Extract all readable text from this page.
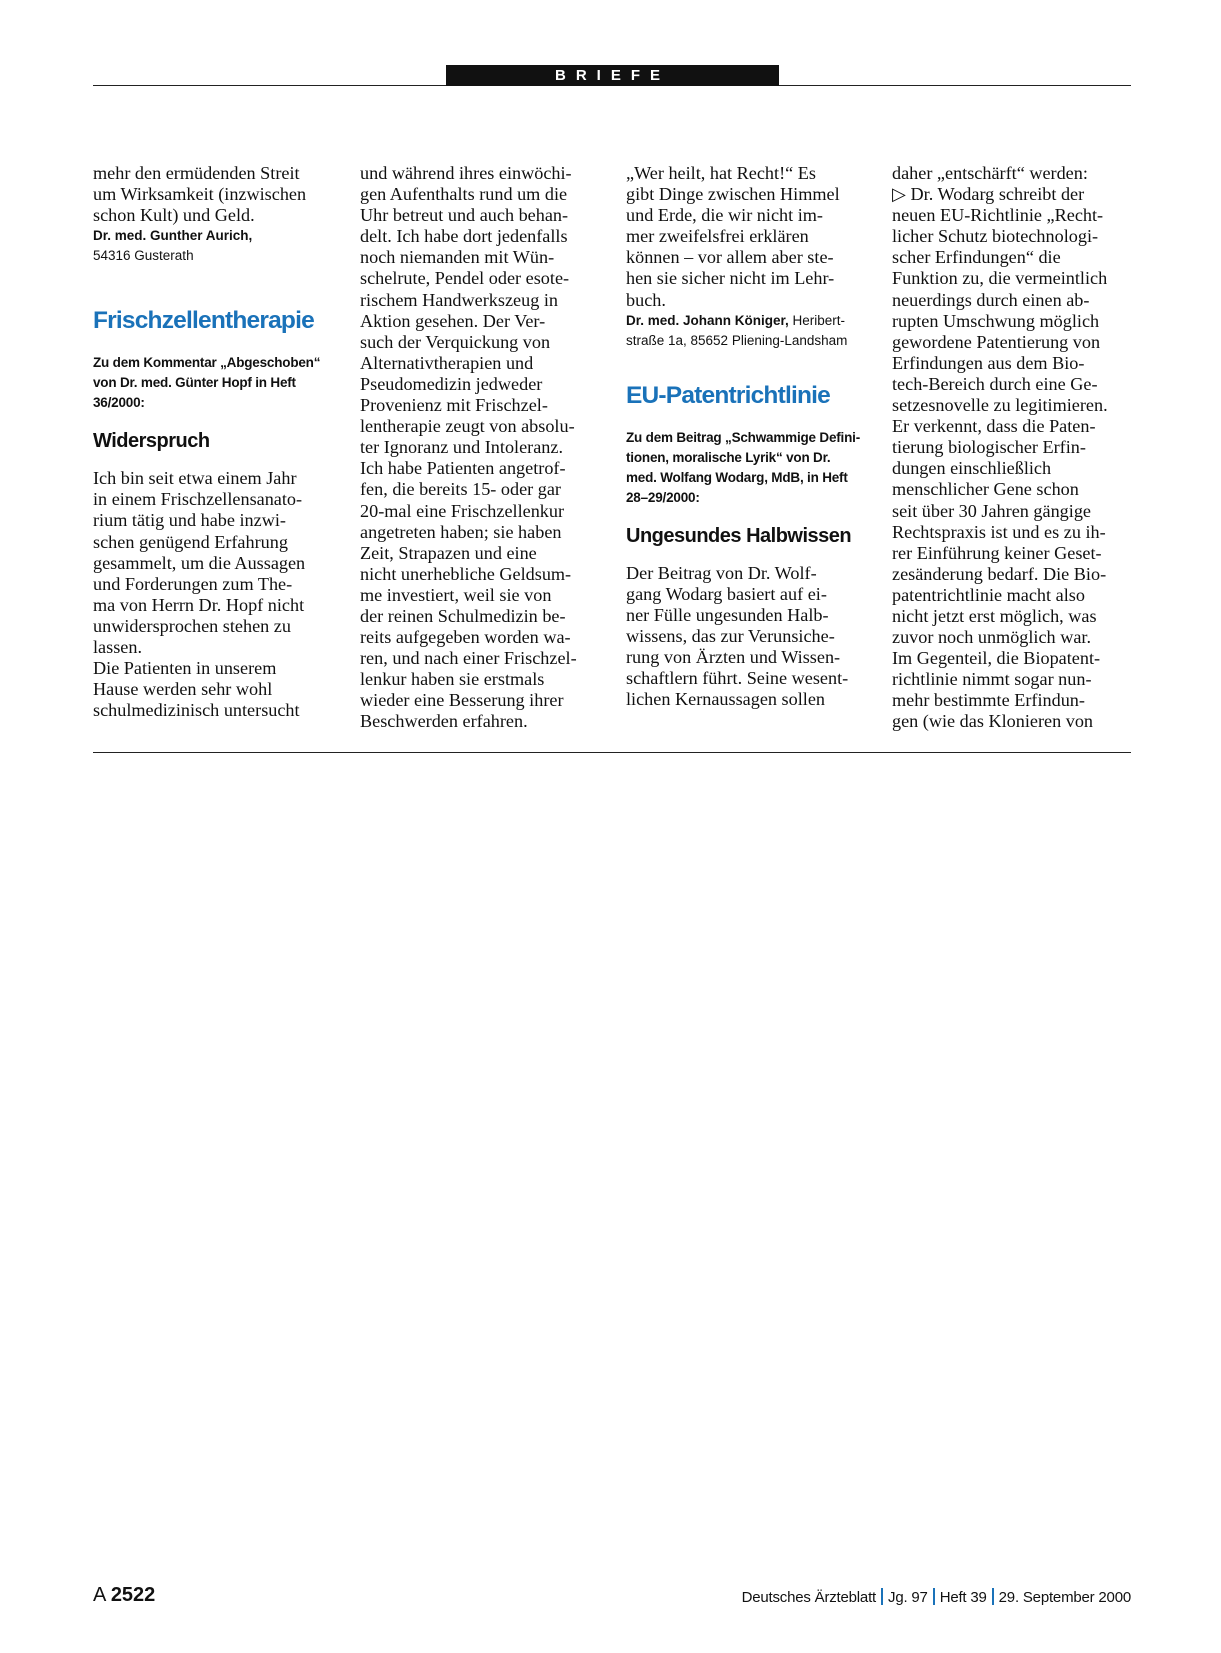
BRIEFE
mehr den ermüdenden Streit
um Wirksamkeit (inzwischen
schon Kult) und Geld.
Dr. med. Gunther Aurich,
54316 Gusterath
Frischzellentherapie
Zu dem Kommentar „Abgeschoben“
von Dr. med. Günter Hopf in Heft
36/2000:
Widerspruch
Ich bin seit etwa einem Jahr
in einem Frischzellensanato-
rium tätig und habe inzwi-
schen genügend Erfahrung
gesammelt, um die Aussagen
und Forderungen zum The-
ma von Herrn Dr. Hopf nicht
unwidersprochen stehen zu
lassen.
Die Patienten in unserem
Hause werden sehr wohl
schulmedizinisch untersucht
und während ihres einwöchi-
gen Aufenthalts rund um die
Uhr betreut und auch behan-
delt. Ich habe dort jedenfalls
noch niemanden mit Wün-
schelrute, Pendel oder esote-
rischem Handwerkszeug in
Aktion gesehen. Der Ver-
such der Verquickung von
Alternativtherapien und
Pseudomedizin jedweder
Provenienz mit Frischzel-
lentherapie zeugt von absolu-
ter Ignoranz und Intoleranz.
Ich habe Patienten angetrof-
fen, die bereits 15- oder gar
20-mal eine Frischzellenkur
angetreten haben; sie haben
Zeit, Strapazen und eine
nicht unerhebliche Geldsum-
me investiert, weil sie von
der reinen Schulmedizin be-
reits aufgegeben worden wa-
ren, und nach einer Frischzel-
lenkur haben sie erstmals
wieder eine Besserung ihrer
Beschwerden erfahren.
„Wer heilt, hat Recht!“ Es
gibt Dinge zwischen Himmel
und Erde, die wir nicht im-
mer zweifelsfrei erklären
können – vor allem aber ste-
hen sie sicher nicht im Lehr-
buch.
Dr. med. Johann Königer, Heribert-
straße 1a, 85652 Pliening-Landsham
EU-Patentrichtlinie
Zu dem Beitrag „Schwammige Defini-
tionen, moralische Lyrik“ von Dr.
med. Wolfang Wodarg, MdB, in Heft
28–29/2000:
Ungesundes Halbwissen
Der Beitrag von Dr. Wolf-
gang Wodarg basiert auf ei-
ner Fülle ungesunden Halb-
wissens, das zur Verunsiche-
rung von Ärzten und Wissen-
schaftlern führt. Seine wesent-
lichen Kernaussagen sollen
daher „entschärft“ werden:
▷ Dr. Wodarg schreibt der
neuen EU-Richtlinie „Recht-
licher Schutz biotechnologi-
scher Erfindungen“ die
Funktion zu, die vermeintlich
neuerdings durch einen ab-
rupten Umschwung möglich
gewordene Patentierung von
Erfindungen aus dem Bio-
tech-Bereich durch eine Ge-
setzesnovelle zu legitimieren.
Er verkennt, dass die Paten-
tierung biologischer Erfin-
dungen einschließlich
menschlicher Gene schon
seit über 30 Jahren gängige
Rechtspraxis ist und es zu ih-
rer Einführung keiner Geset-
zesänderung bedarf. Die Bio-
patentrichtlinie macht also
nicht jetzt erst möglich, was
zuvor noch unmöglich war.
Im Gegenteil, die Biopatent-
richtlinie nimmt sogar nun-
mehr bestimmte Erfindun-
gen (wie das Klonieren von
A 2522	Deutsches Ärzteblatt Jg. 97 Heft 39 29. September 2000
